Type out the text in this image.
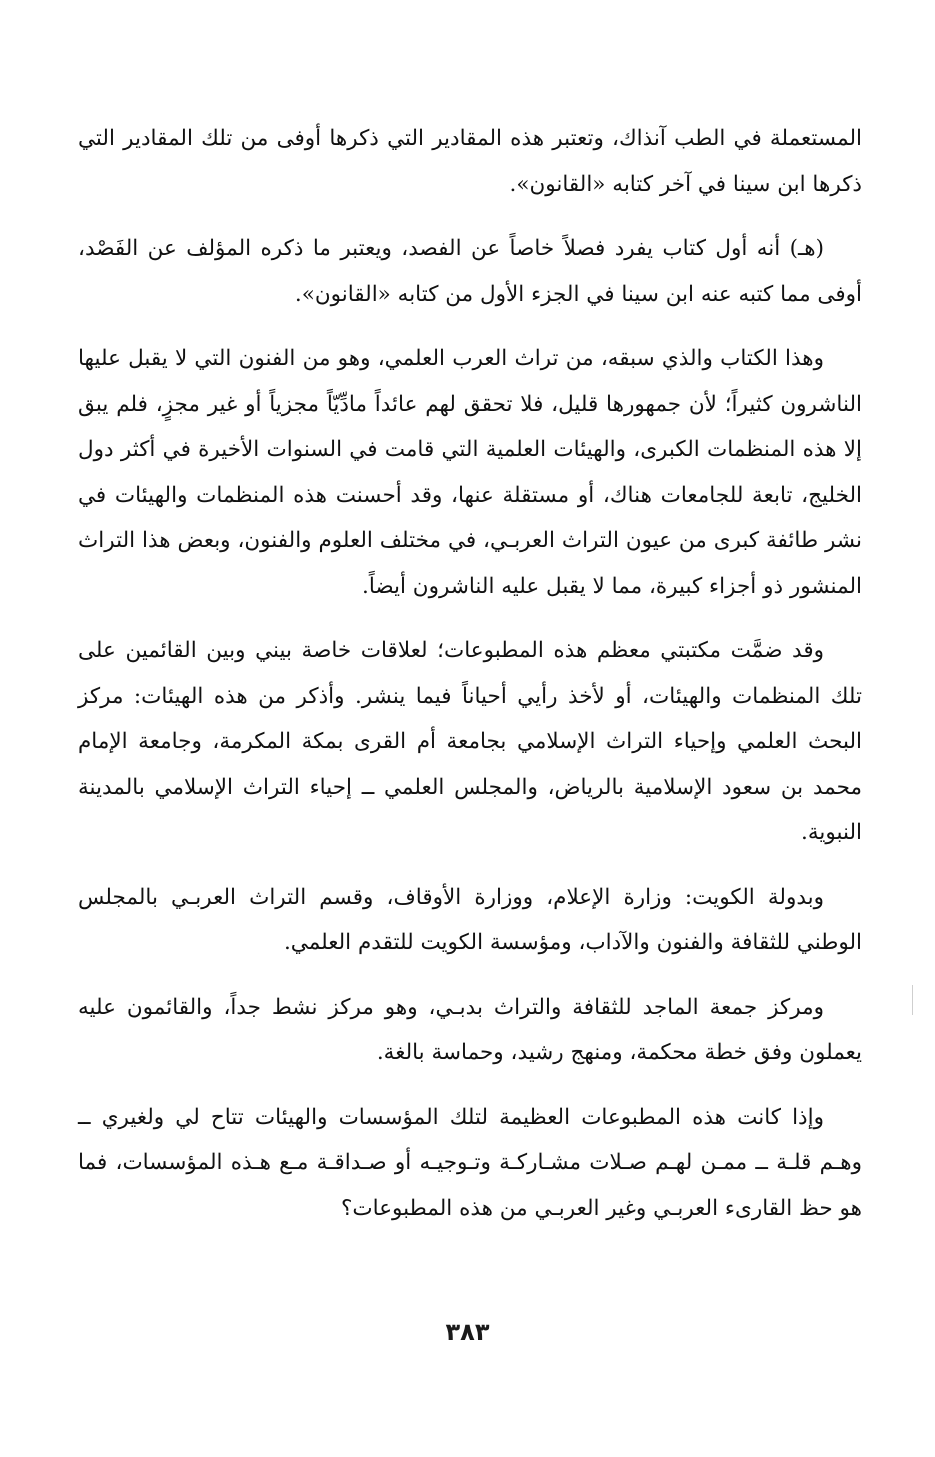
المستعملة في الطب آنذاك، وتعتبر هذه المقادير التي ذكرها أوفى من تلك المقادير التي ذكرها ابن سينا في آخر كتابه «القانون».

(هـ) أنه أول كتاب يفرد فصلاً خاصاً عن الفصد، ويعتبر ما ذكره المؤلف عن الفَصْد، أوفى مما كتبه عنه ابن سينا في الجزء الأول من كتابه «القانون».

وهذا الكتاب والذي سبقه، من تراث العرب العلمي، وهو من الفنون التي لا يقبل عليها الناشرون كثيراً؛ لأن جمهورها قليل، فلا تحقق لهم عائداً مادِّيّاً مجزياً أو غير مجزٍ، فلم يبق إلا هذه المنظمات الكبرى، والهيئات العلمية التي قامت في السنوات الأخيرة في أكثر دول الخليج، تابعة للجامعات هناك، أو مستقلة عنها، وقد أحسنت هذه المنظمات والهيئات في نشر طائفة كبرى من عيون التراث العربـي، في مختلف العلوم والفنون، وبعض هذا التراث المنشور ذو أجزاء كبيرة، مما لا يقبل عليه الناشرون أيضاً.

وقد ضمَّت مكتبتي معظم هذه المطبوعات؛ لعلاقات خاصة بيني وبين القائمين على تلك المنظمات والهيئات، أو لأخذ رأيي أحياناً فيما ينشر. وأذكر من هذه الهيئات: مركز البحث العلمي وإحياء التراث الإسلامي بجامعة أم القرى بمكة المكرمة، وجامعة الإمام محمد بن سعود الإسلامية بالرياض، والمجلس العلمي ــ إحياء التراث الإسلامي بالمدينة النبوية.

وبدولة الكويت: وزارة الإعلام، ووزارة الأوقاف، وقسم التراث العربـي بالمجلس الوطني للثقافة والفنون والآداب، ومؤسسة الكويت للتقدم العلمي.

ومركز جمعة الماجد للثقافة والتراث بدبـي، وهو مركز نشط جداً، والقائمون عليه يعملون وفق خطة محكمة، ومنهج رشيد، وحماسة بالغة.

وإذا كانت هذه المطبوعات العظيمة لتلك المؤسسات والهيئات تتاح لي ولغيري ــ وهـم قلـة ــ ممـن لهـم صـلات مشـاركـة وتـوجيـه أو صـداقـة مـع هـذه المؤسسات، فما هو حظ القارىء العربـي وغير العربـي من هذه المطبوعات؟

٣٨٣
